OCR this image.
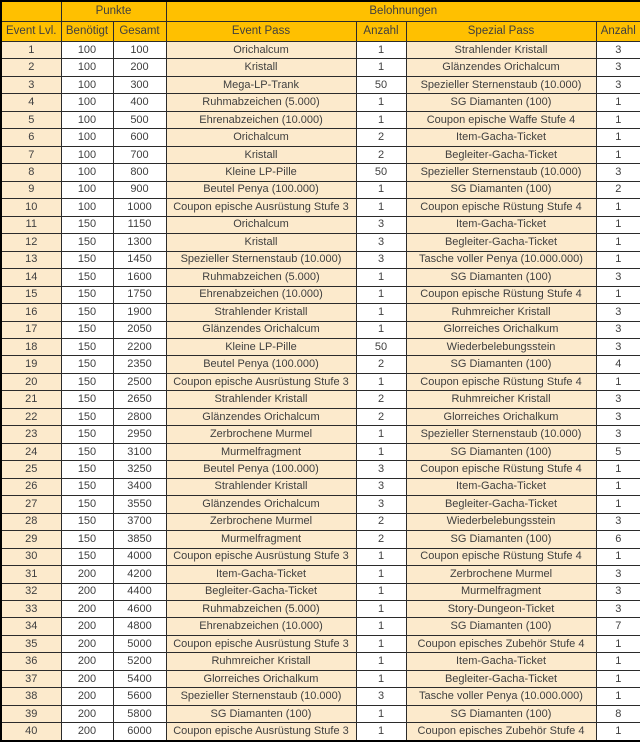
	Punkte		Belohnungen			
Event Lvl.	Benötigt	Gesamt	Event Pass	Anzahl	Spezial Pass	Anzahl
1	100	100	Orichalcum	1	Strahlender Kristall	3
2	100	200	Kristall	1	Glänzendes Orichalcum	3
3	100	300	Mega-LP-Trank	50	Spezieller Sternenstaub (10.000)	3
4	100	400	Ruhmabzeichen (5.000)	1	SG Diamanten (100)	1
5	100	500	Ehrenabzeichen (10.000)	1	Coupon epische Waffe Stufe 4	1
6	100	600	Orichalcum	2	Item-Gacha-Ticket	1
7	100	700	Kristall	2	Begleiter-Gacha-Ticket	1
8	100	800	Kleine LP-Pille	50	Spezieller Sternenstaub (10.000)	3
9	100	900	Beutel Penya (100.000)	1	SG Diamanten (100)	2
10	100	1000	Coupon epische Ausrüstung Stufe 3	1	Coupon epische Rüstung Stufe 4	1
11	150	1150	Orichalcum	3	Item-Gacha-Ticket	1
12	150	1300	Kristall	3	Begleiter-Gacha-Ticket	1
13	150	1450	Spezieller Sternenstaub (10.000)	3	Tasche voller Penya (10.000.000)	1
14	150	1600	Ruhmabzeichen (5.000)	1	SG Diamanten (100)	3
15	150	1750	Ehrenabzeichen (10.000)	1	Coupon epische Rüstung Stufe 4	1
16	150	1900	Strahlender Kristall	1	Ruhmreicher Kristall	3
17	150	2050	Glänzendes Orichalcum	1	Glorreiches Orichalkum	3
18	150	2200	Kleine LP-Pille	50	Wiederbelebungsstein	3
19	150	2350	Beutel Penya (100.000)	2	SG Diamanten (100)	4
20	150	2500	Coupon epische Ausrüstung Stufe 3	1	Coupon epische Rüstung Stufe 4	1
21	150	2650	Strahlender Kristall	2	Ruhmreicher Kristall	3
22	150	2800	Glänzendes Orichalcum	2	Glorreiches Orichalkum	3
23	150	2950	Zerbrochene Murmel	1	Spezieller Sternenstaub (10.000)	3
24	150	3100	Murmelfragment	1	SG Diamanten (100)	5
25	150	3250	Beutel Penya (100.000)	3	Coupon epische Rüstung Stufe 4	1
26	150	3400	Strahlender Kristall	3	Item-Gacha-Ticket	1
27	150	3550	Glänzendes Orichalcum	3	Begleiter-Gacha-Ticket	1
28	150	3700	Zerbrochene Murmel	2	Wiederbelebungsstein	3
29	150	3850	Murmelfragment	2	SG Diamanten (100)	6
30	150	4000	Coupon epische Ausrüstung Stufe 3	1	Coupon epische Rüstung Stufe 4	1
31	200	4200	Item-Gacha-Ticket	1	Zerbrochene Murmel	3
32	200	4400	Begleiter-Gacha-Ticket	1	Murmelfragment	3
33	200	4600	Ruhmabzeichen (5.000)	1	Story-Dungeon-Ticket	3
34	200	4800	Ehrenabzeichen (10.000)	1	SG Diamanten (100)	7
35	200	5000	Coupon epische Ausrüstung Stufe 3	1	Coupon episches Zubehör Stufe 4	1
36	200	5200	Ruhmreicher Kristall	1	Item-Gacha-Ticket	1
37	200	5400	Glorreiches Orichalkum	1	Begleiter-Gacha-Ticket	1
38	200	5600	Spezieller Sternenstaub (10.000)	3	Tasche voller Penya (10.000.000)	1
39	200	5800	SG Diamanten (100)	1	SG Diamanten (100)	8
40	200	6000	Coupon epische Ausrüstung Stufe 3	1	Coupon episches Zubehör Stufe 4	1
